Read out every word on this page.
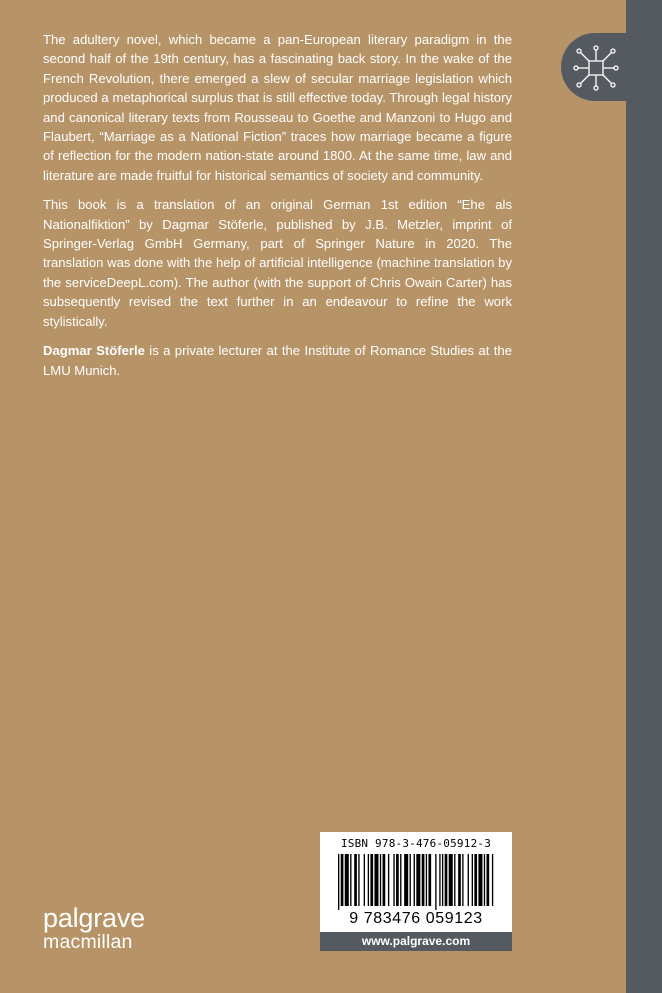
The adultery novel, which became a pan-European literary paradigm in the second half of the 19th century, has a fascinating back story. In the wake of the French Revolution, there emerged a slew of secular marriage legislation which produced a metaphorical surplus that is still effective today. Through legal history and canonical literary texts from Rousseau to Goethe and Manzoni to Hugo and Flaubert, “Marriage as a National Fiction” traces how marriage became a figure of reflection for the modern nation-state around 1800. At the same time, law and literature are made fruitful for historical semantics of society and community.

This book is a translation of an original German 1st edition “Ehe als Nationalfiktion” by Dagmar Stöferle, published by J.B. Metzler, imprint of Springer-Verlag GmbH Germany, part of Springer Nature in 2020. The translation was done with the help of artificial intelligence (machine translation by the serviceDeepL.com). The author (with the support of Chris Owain Carter) has subsequently revised the text further in an endeavour to refine the work stylistically.

Dagmar Stöferle is a private lecturer at the Institute of Romance Studies at the LMU Munich.

ISBN 978-3-476-05912-3
9 783476 059123
www.palgrave.com
palgrave
macmillan
